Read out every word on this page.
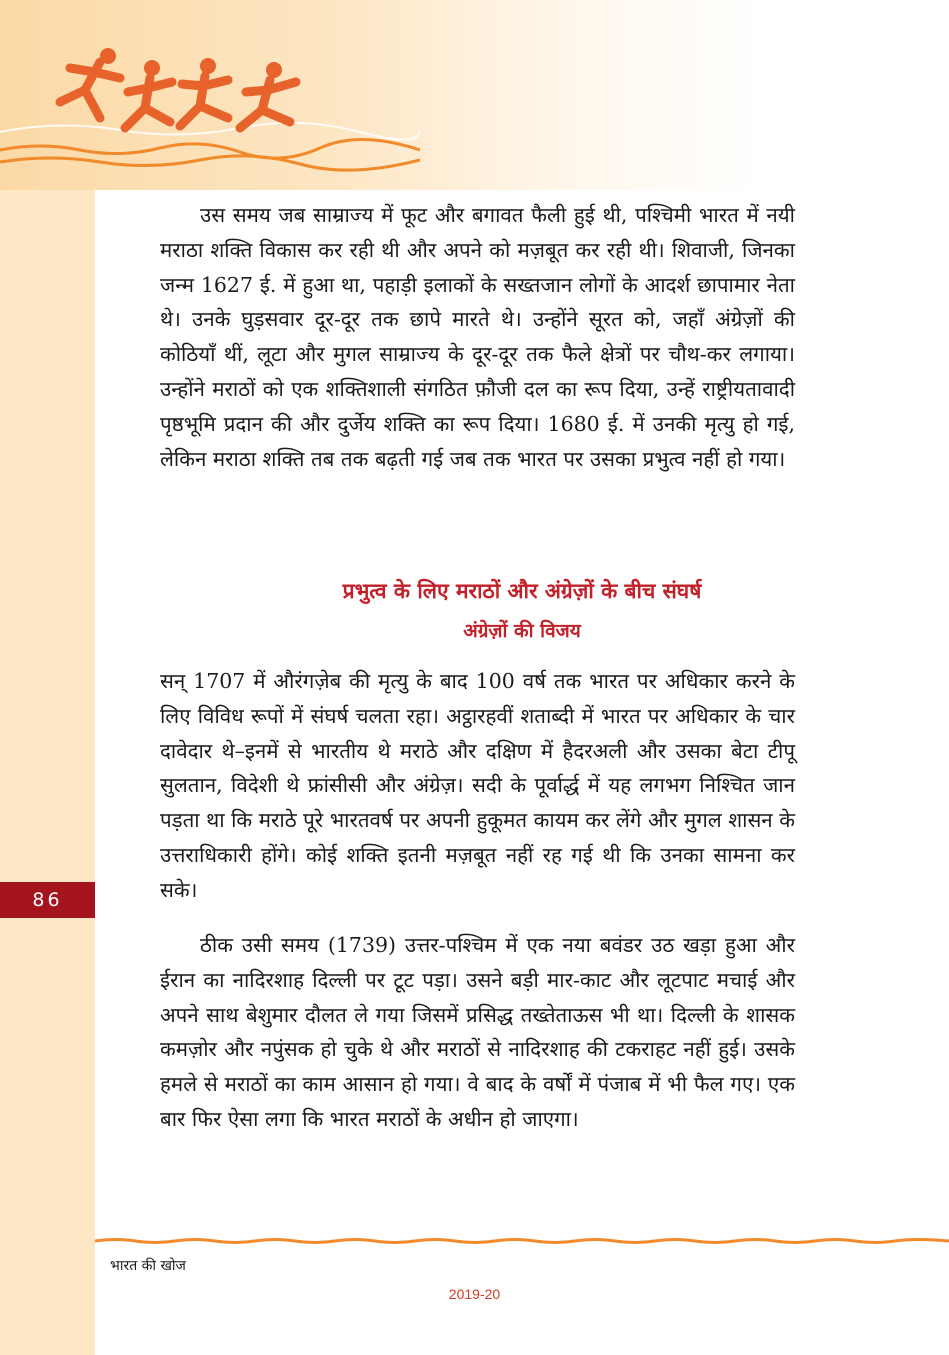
86

उस समय जब साम्राज्य में फूट और बगावत फैली हुई थी, पश्चिमी भारत में नयी मराठा शक्ति विकास कर रही थी और अपने को मज़बूत कर रही थी। शिवाजी, जिनका जन्म 1627 ई. में हुआ था, पहाड़ी इलाकों के सख्तजान लोगों के आदर्श छापामार नेता थे। उनके घुड़सवार दूर-दूर तक छापे मारते थे। उन्होंने सूरत को, जहाँ अंग्रेज़ों की कोठियाँ थीं, लूटा और मुगल साम्राज्य के दूर-दूर तक फैले क्षेत्रों पर चौथ-कर लगाया। उन्होंने मराठों को एक शक्तिशाली संगठित फ़ौजी दल का रूप दिया, उन्हें राष्ट्रीयतावादी पृष्ठभूमि प्रदान की और दुर्जेय शक्ति का रूप दिया। 1680 ई. में उनकी मृत्यु हो गई, लेकिन मराठा शक्ति तब तक बढ़ती गई जब तक भारत पर उसका प्रभुत्व नहीं हो गया।

प्रभुत्व के लिए मराठों और अंग्रेज़ों के बीच संघर्ष
अंग्रेज़ों की विजय

सन् 1707 में औरंगज़ेब की मृत्यु के बाद 100 वर्ष तक भारत पर अधिकार करने के लिए विविध रूपों में संघर्ष चलता रहा। अट्ठारहवीं शताब्दी में भारत पर अधिकार के चार दावेदार थे–इनमें से भारतीय थे मराठे और दक्षिण में हैदरअली और उसका बेटा टीपू सुलतान, विदेशी थे फ्रांसीसी और अंग्रेज़। सदी के पूर्वार्द्ध में यह लगभग निश्चित जान पड़ता था कि मराठे पूरे भारतवर्ष पर अपनी हुकूमत कायम कर लेंगे और मुगल शासन के उत्तराधिकारी होंगे। कोई शक्ति इतनी मज़बूत नहीं रह गई थी कि उनका सामना कर सके।

ठीक उसी समय (1739) उत्तर-पश्चिम में एक नया बवंडर उठ खड़ा हुआ और ईरान का नादिरशाह दिल्ली पर टूट पड़ा। उसने बड़ी मार-काट और लूटपाट मचाई और अपने साथ बेशुमार दौलत ले गया जिसमें प्रसिद्ध तख्तेताऊस भी था। दिल्ली के शासक कमज़ोर और नपुंसक हो चुके थे और मराठों से नादिरशाह की टकराहट नहीं हुई। उसके हमले से मराठों का काम आसान हो गया। वे बाद के वर्षों में पंजाब में भी फैल गए। एक बार फिर ऐसा लगा कि भारत मराठों के अधीन हो जाएगा।

भारत की खोज
2019-20
